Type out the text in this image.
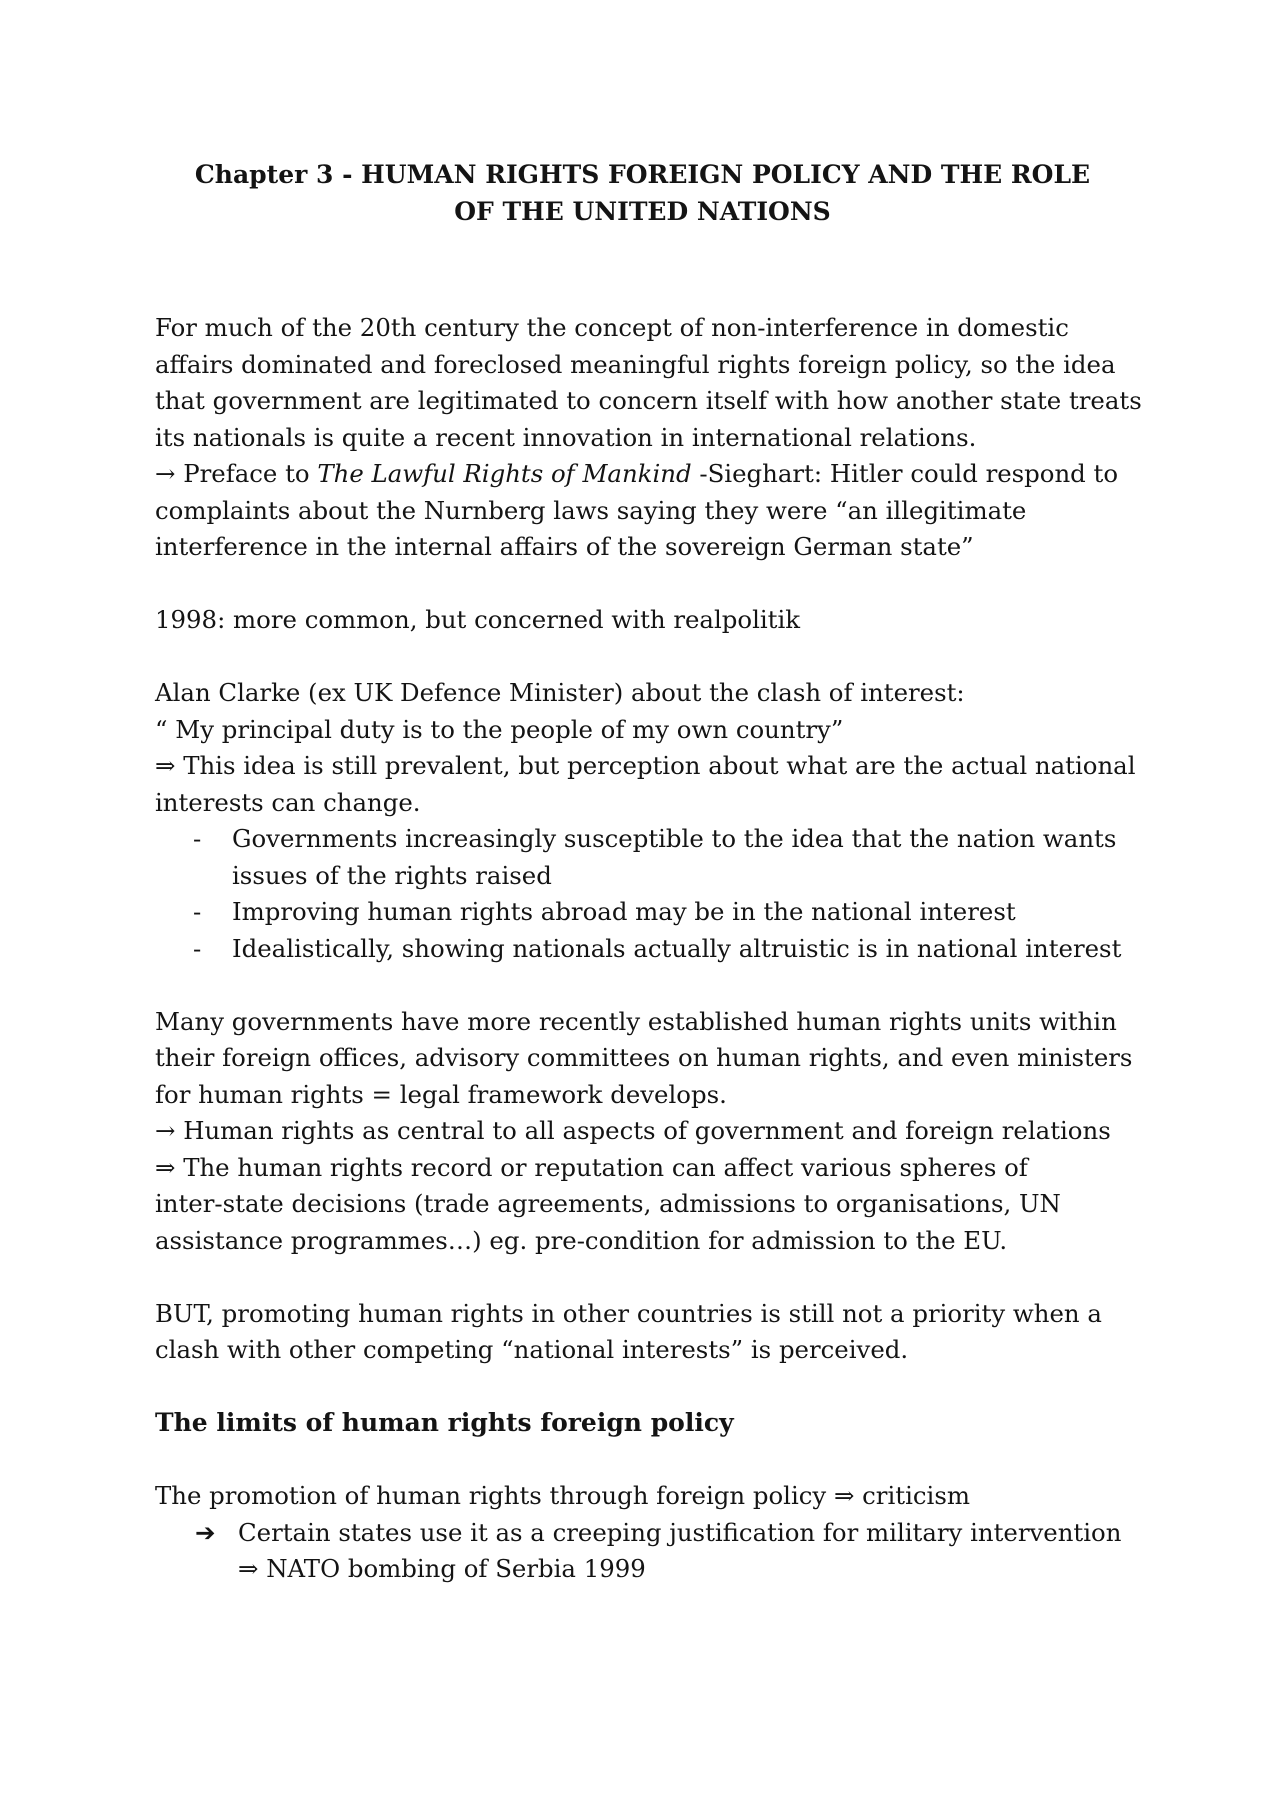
Chapter 3 - HUMAN RIGHTS FOREIGN POLICY AND THE ROLE
OF THE UNITED NATIONS
For much of the 20th century the concept of non-interference in domestic
affairs dominated and foreclosed meaningful rights foreign policy, so the idea
that government are legitimated to concern itself with how another state treats
its nationals is quite a recent innovation in international relations.
→ Preface to The Lawful Rights of Mankind -Sieghart: Hitler could respond to
complaints about the Nurnberg laws saying they were “an illegitimate
interference in the internal affairs of the sovereign German state”
1998: more common, but concerned with realpolitik
Alan Clarke (ex UK Defence Minister) about the clash of interest:
“ My principal duty is to the people of my own country”
⇒ This idea is still prevalent, but perception about what are the actual national
interests can change.
- Governments increasingly susceptible to the idea that the nation wants issues of the rights raised
- Improving human rights abroad may be in the national interest
- Idealistically, showing nationals actually altruistic is in national interest
Many governments have more recently established human rights units within
their foreign offices, advisory committees on human rights, and even ministers
for human rights = legal framework develops.
→ Human rights as central to all aspects of government and foreign relations
⇒ The human rights record or reputation can affect various spheres of
inter-state decisions (trade agreements, admissions to organisations, UN
assistance programmes…) eg. pre-condition for admission to the EU.
BUT, promoting human rights in other countries is still not a priority when a
clash with other competing “national interests” is perceived.
The limits of human rights foreign policy
The promotion of human rights through foreign policy ⇒ criticism
➔ Certain states use it as a creeping justification for military intervention
⇒ NATO bombing of Serbia 1999
